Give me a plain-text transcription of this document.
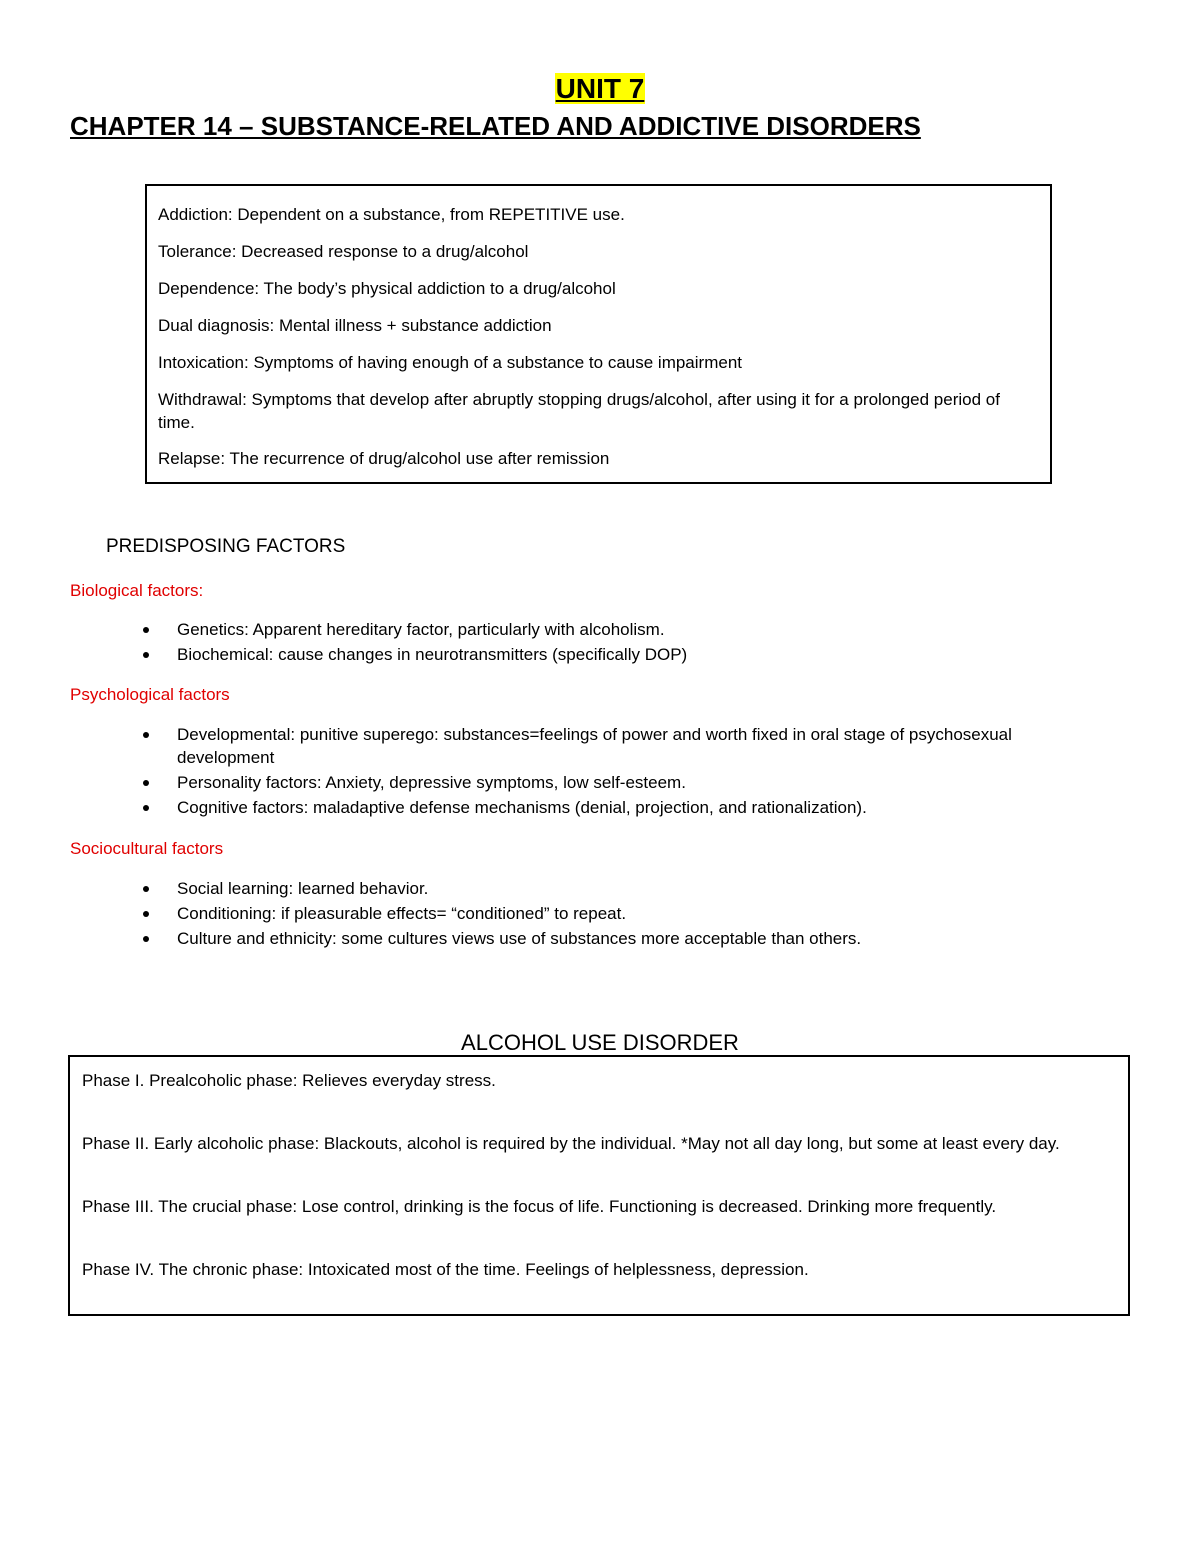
UNIT 7
CHAPTER 14 – SUBSTANCE-RELATED AND ADDICTIVE DISORDERS

Addiction: Dependent on a substance, from REPETITIVE use.

Tolerance: Decreased response to a drug/alcohol

Dependence: The body’s physical addiction to a drug/alcohol

Dual diagnosis: Mental illness + substance addiction

Intoxication: Symptoms of having enough of a substance to cause impairment

Withdrawal: Symptoms that develop after abruptly stopping drugs/alcohol, after using it for a prolonged period of time.

Relapse: The recurrence of drug/alcohol use after remission

PREDISPOSING FACTORS
Biological factors:
Genetics: Apparent hereditary factor, particularly with alcoholism.
Biochemical: cause changes in neurotransmitters (specifically DOP)
Psychological factors
Developmental: punitive superego: substances=feelings of power and worth fixed in oral stage of psychosexual development
Personality factors: Anxiety, depressive symptoms, low self-esteem.
Cognitive factors: maladaptive defense mechanisms (denial, projection, and rationalization).
Sociocultural factors
Social learning: learned behavior.
Conditioning: if pleasurable effects= “conditioned” to repeat.
Culture and ethnicity: some cultures views use of substances more acceptable than others.
ALCOHOL USE DISORDER

Phase I. Prealcoholic phase: Relieves everyday stress.

Phase II. Early alcoholic phase: Blackouts, alcohol is required by the individual. *May not all day long, but some at least every day.

Phase III. The crucial phase: Lose control, drinking is the focus of life. Functioning is decreased. Drinking more frequently.

Phase IV. The chronic phase: Intoxicated most of the time. Feelings of helplessness, depression.
